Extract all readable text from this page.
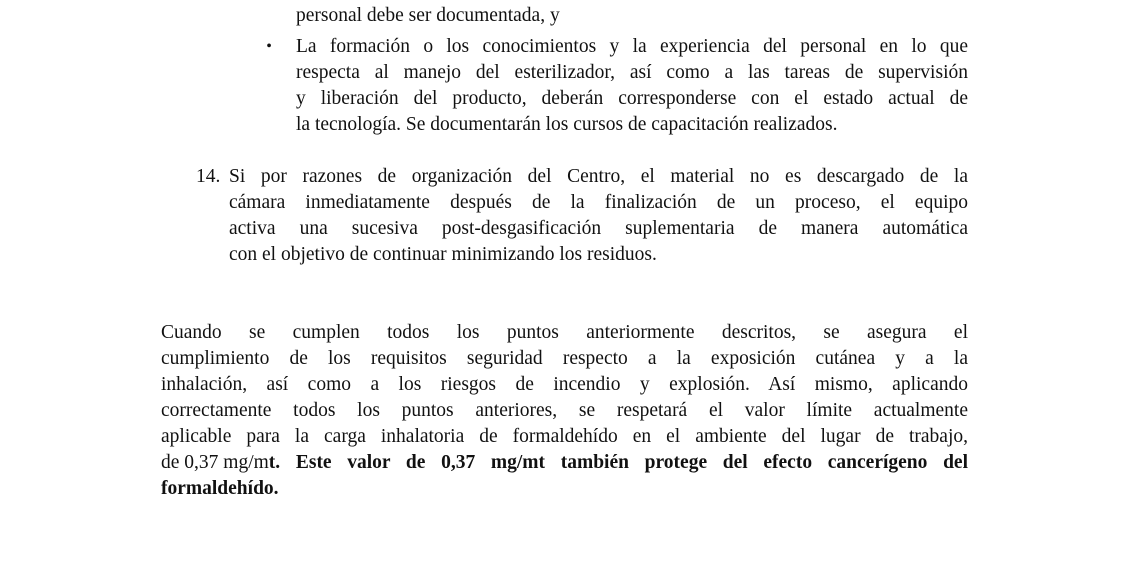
personal debe ser documentada, y
• La formación o los conocimientos y la experiencia del personal en lo que
respecta al manejo del esterilizador, así como a las tareas de supervisión
y liberación del producto, deberán corresponderse con el estado actual de
la tecnología. Se documentarán los cursos de capacitación realizados.
14. Si por razones de organización del Centro, el material no es descargado de la
cámara inmediatamente después de la finalización de un proceso, el equipo
activa una sucesiva post-desgasificación suplementaria de manera automática
con el objetivo de continuar minimizando los residuos.
Cuando se cumplen todos los puntos anteriormente descritos, se asegura el
cumplimiento de los requisitos seguridad respecto a la exposición cutánea y a la
inhalación, así como a los riesgos de incendio y explosión. Así mismo, aplicando
correctamente todos los puntos anteriores, se respetará el valor límite actualmente
aplicable para la carga inhalatoria de formaldehído en el ambiente del lugar de trabajo,
de 0,37 mg/m t. Este valor de 0,37 mg/mt también protege del efecto cancerígeno del
formaldehído.
